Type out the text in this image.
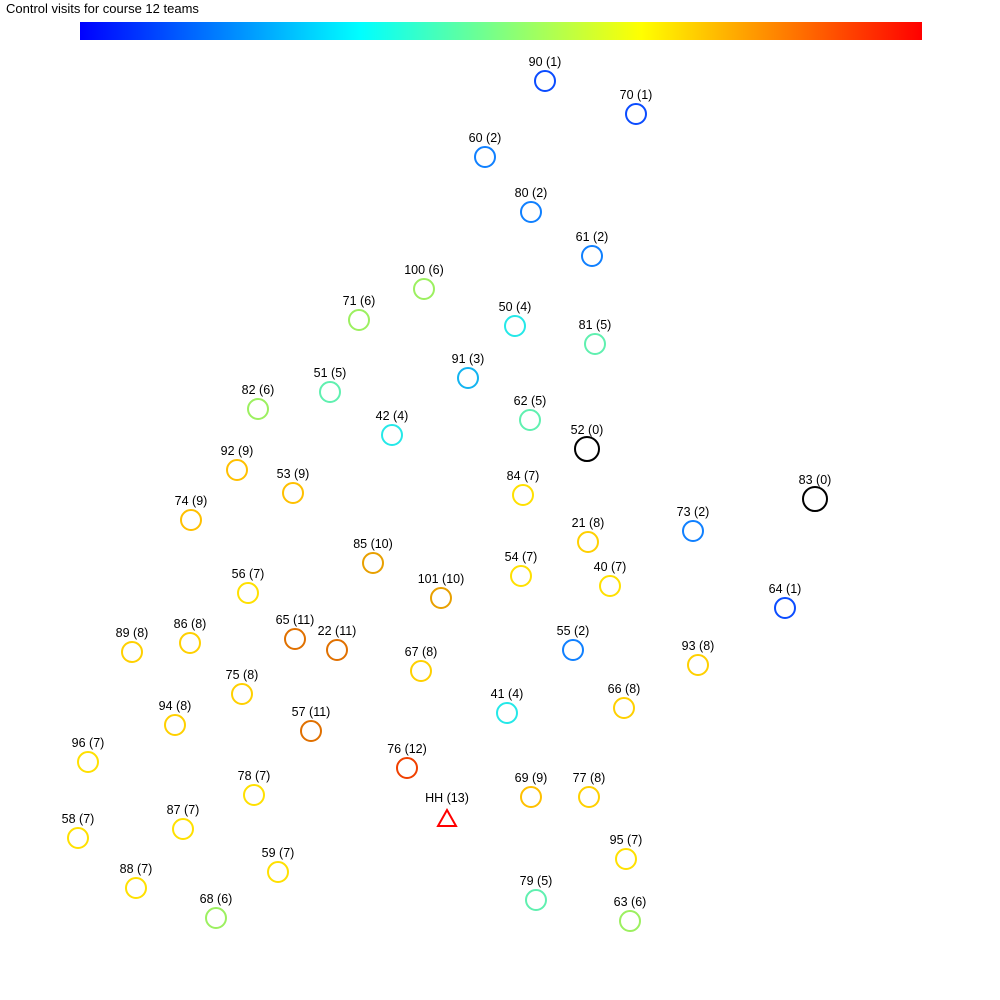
Control visits for course 12 teams
90 (1)
70 (1)
60 (2)
80 (2)
61 (2)
100 (6)
71 (6)	50 (4)
81 (5)
91 (3)
51 (5)
82 (6)
62 (5)
42 (4)
52 (0)
92 (9)
53 (9)	83 (0)
74 (9)
84 (7)
21 (8)
73 (2)
85 (10)
54 (7)
40 (7)
56 (7)	101 (10)
64 (1)
65 (11)
22 (11)
86 (8)
89 (8)	55 (2)
93 (8)
67 (8)
75 (8)
41 (4)	66 (8)
94 (8)	57 (11)
96 (7)	76 (12)
78 (7)	69 (9) 77 (8)
87 (7)
58 (7)
95 (7)
59 (7)
88 (7)
79 (5)
68 (6)	63 (6)
HH (13)
